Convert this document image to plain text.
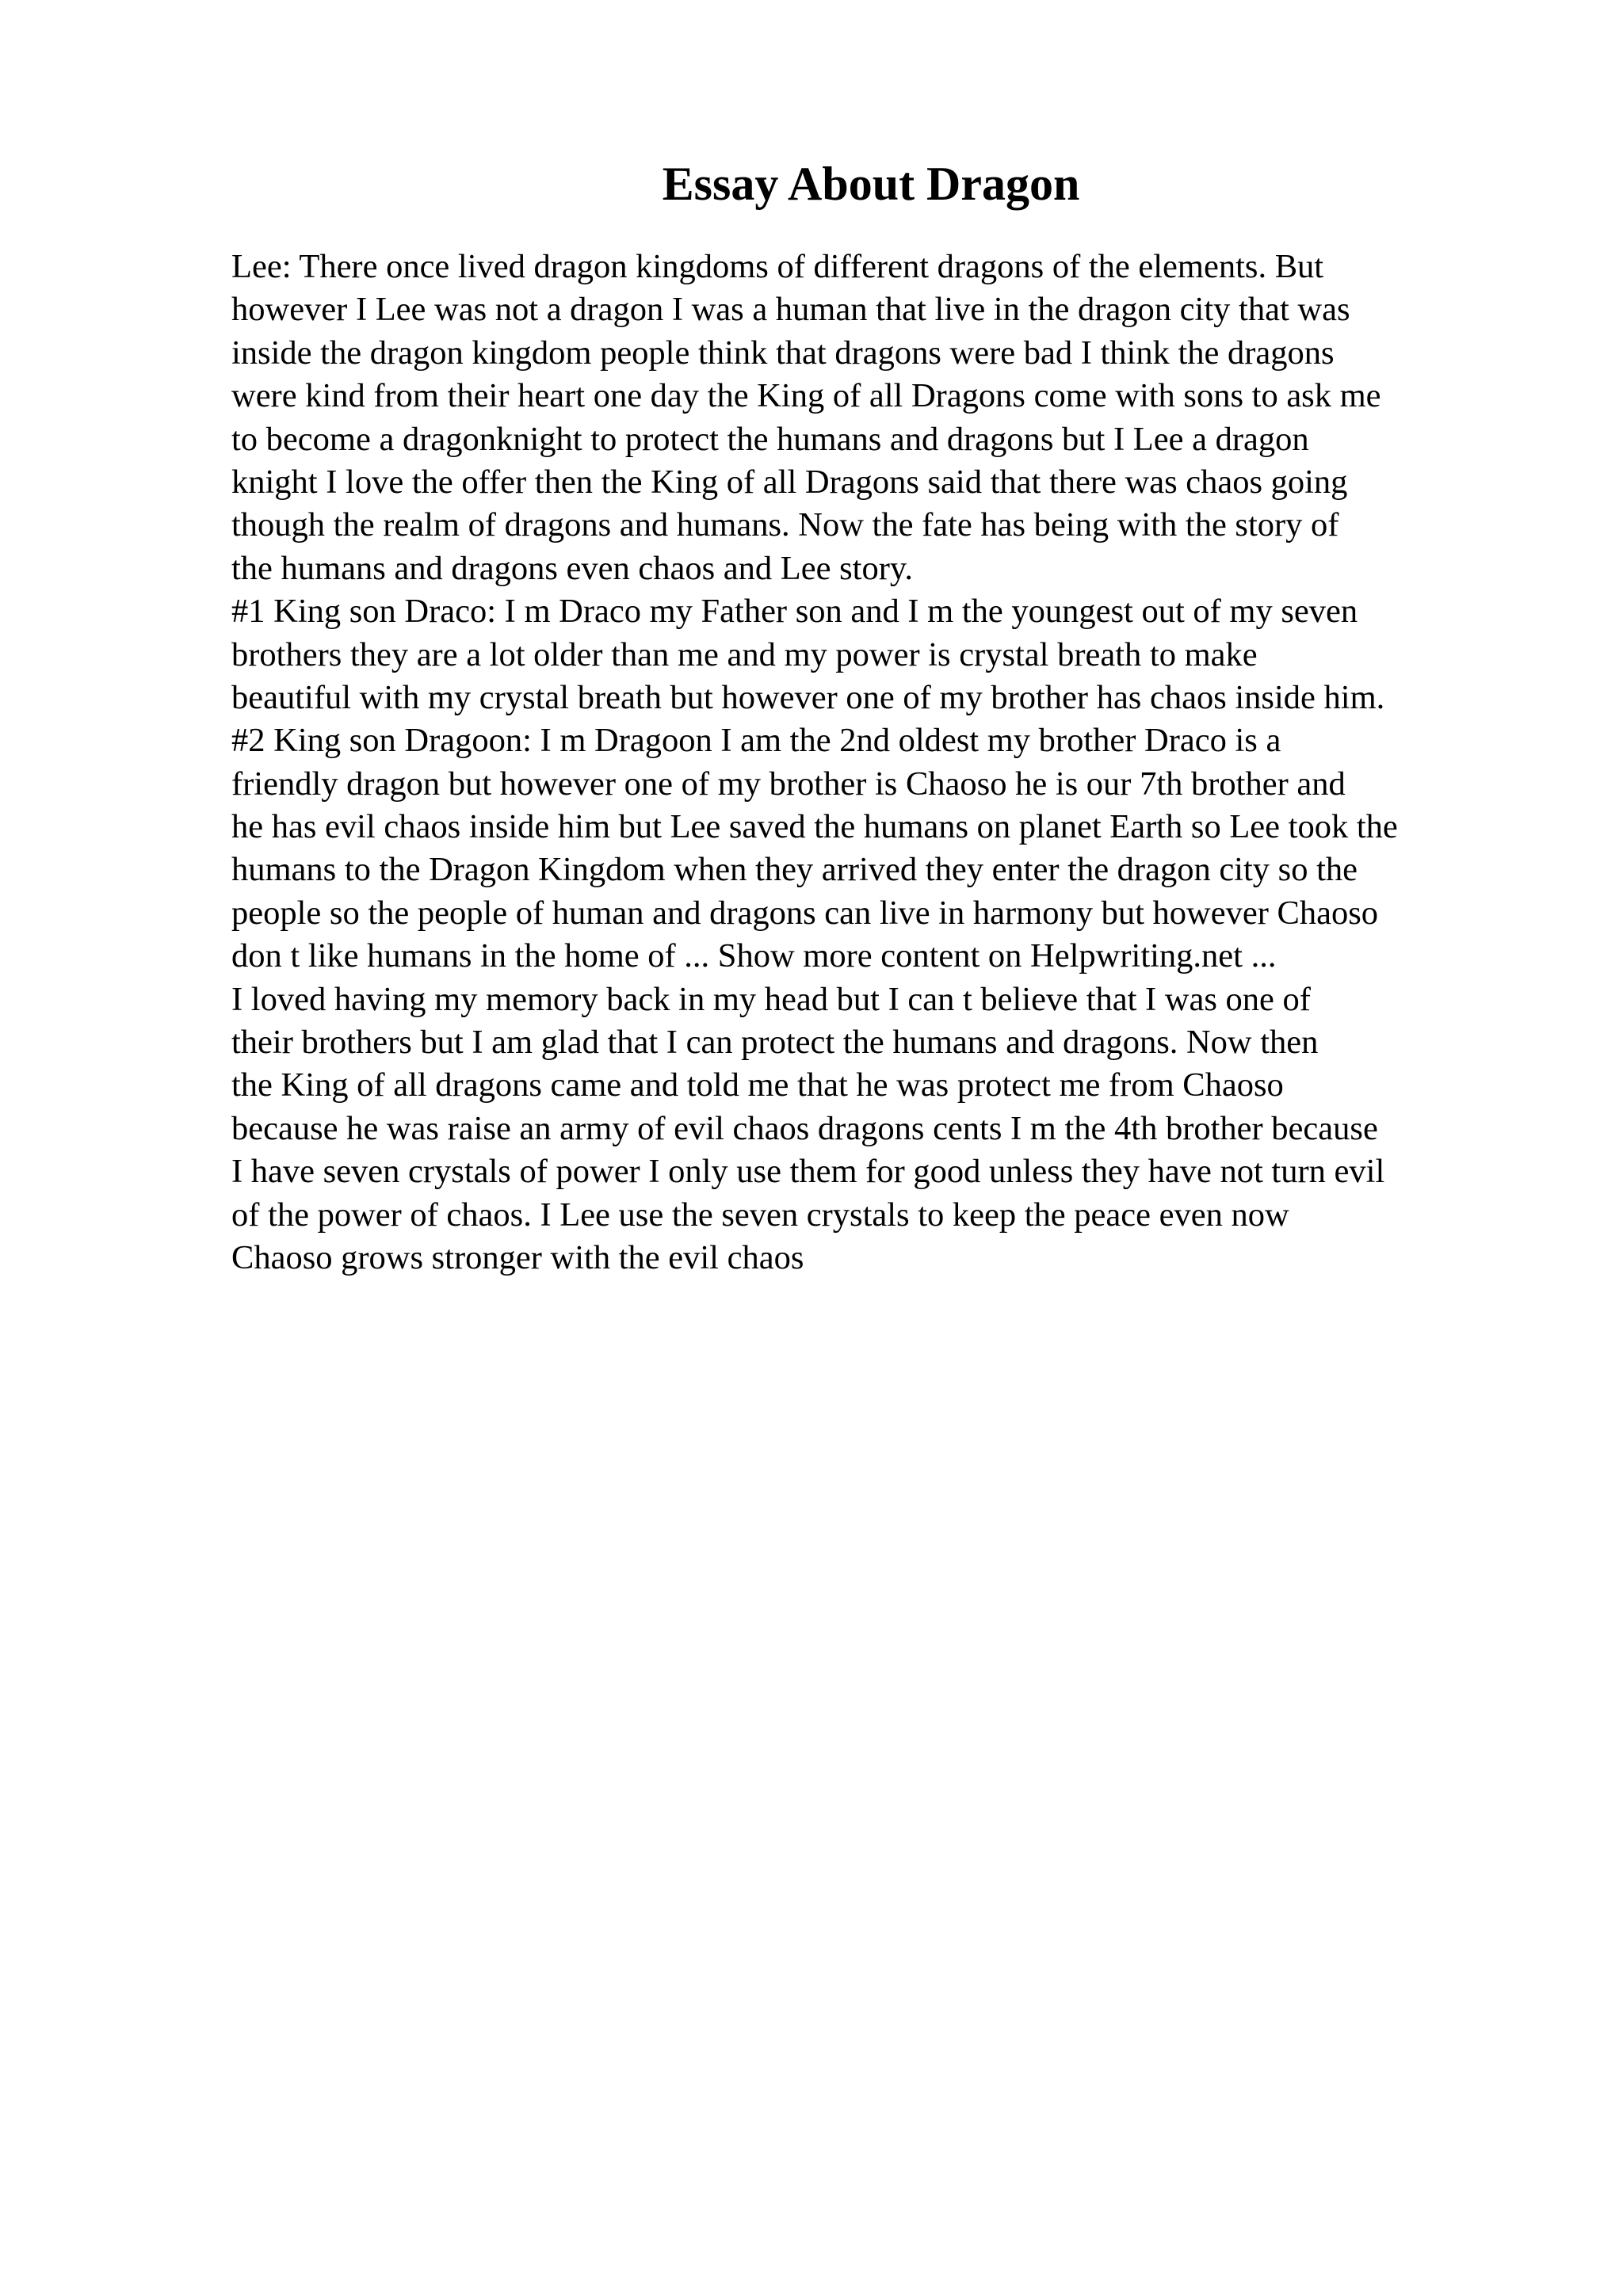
Essay About Dragon
Lee: There once lived dragon kingdoms of different dragons of the elements. But
however I Lee was not a dragon I was a human that live in the dragon city that was
inside the dragon kingdom people think that dragons were bad I think the dragons
were kind from their heart one day the King of all Dragons come with sons to ask me
to become a dragonknight to protect the humans and dragons but I Lee a dragon
knight I love the offer then the King of all Dragons said that there was chaos going
though the realm of dragons and humans. Now the fate has being with the story of
the humans and dragons even chaos and Lee story.
#1 King son Draco: I m Draco my Father son and I m the youngest out of my seven
brothers they are a lot older than me and my power is crystal breath to make
beautiful with my crystal breath but however one of my brother has chaos inside him.
#2 King son Dragoon: I m Dragoon I am the 2nd oldest my brother Draco is a
friendly dragon but however one of my brother is Chaoso he is our 7th brother and
he has evil chaos inside him but Lee saved the humans on planet Earth so Lee took the
humans to the Dragon Kingdom when they arrived they enter the dragon city so the
people so the people of human and dragons can live in harmony but however Chaoso
don t like humans in the home of ... Show more content on Helpwriting.net ...
I loved having my memory back in my head but I can t believe that I was one of
their brothers but I am glad that I can protect the humans and dragons. Now then
the King of all dragons came and told me that he was protect me from Chaoso
because he was raise an army of evil chaos dragons cents I m the 4th brother because
I have seven crystals of power I only use them for good unless they have not turn evil
of the power of chaos. I Lee use the seven crystals to keep the peace even now
Chaoso grows stronger with the evil chaos
